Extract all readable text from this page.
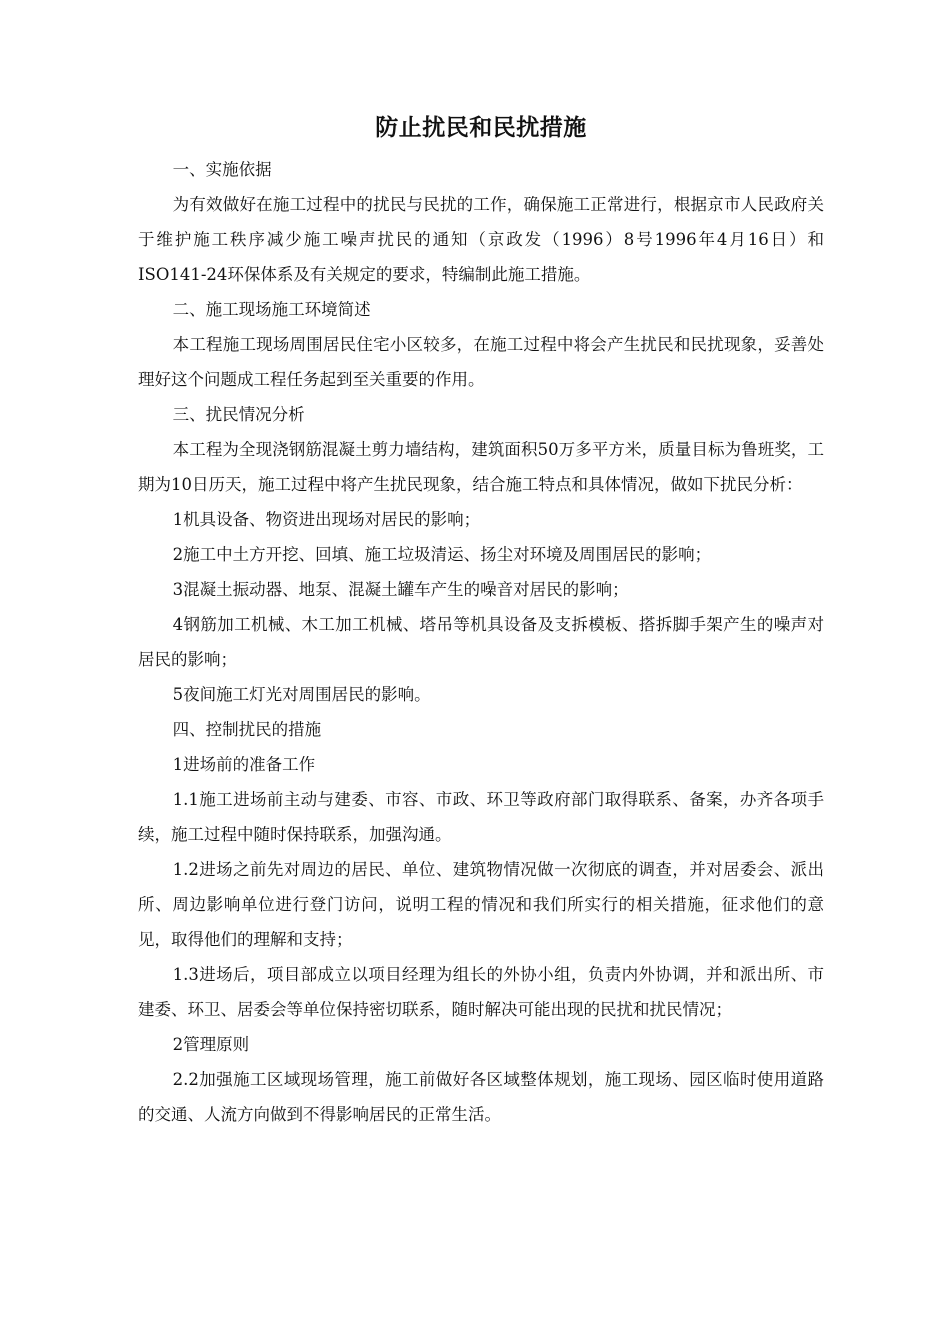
防止扰民和民扰措施

一、实施依据

为有效做好在施工过程中的扰民与民扰的工作，确保施工正常进行，根据京市人民政府关于维护施工秩序减少施工噪声扰民的通知（京政发（1996）8号1996年4月16日）和ISO141-24环保体系及有关规定的要求，特编制此施工措施。

二、施工现场施工环境简述

本工程施工现场周围居民住宅小区较多，在施工过程中将会产生扰民和民扰现象，妥善处理好这个问题成工程任务起到至关重要的作用。

三、扰民情况分析

本工程为全现浇钢筋混凝土剪力墙结构，建筑面积50万多平方米，质量目标为鲁班奖，工期为10日历天，施工过程中将产生扰民现象，结合施工特点和具体情况，做如下扰民分析：

1机具设备、物资进出现场对居民的影响；

2施工中土方开挖、回填、施工垃圾清运、扬尘对环境及周围居民的影响；

3混凝土振动器、地泵、混凝土罐车产生的噪音对居民的影响；

4钢筋加工机械、木工加工机械、塔吊等机具设备及支拆模板、搭拆脚手架产生的噪声对居民的影响；

5夜间施工灯光对周围居民的影响。

四、控制扰民的措施

1进场前的准备工作

1.1施工进场前主动与建委、市容、市政、环卫等政府部门取得联系、备案，办齐各项手续，施工过程中随时保持联系，加强沟通。

1.2进场之前先对周边的居民、单位、建筑物情况做一次彻底的调查，并对居委会、派出所、周边影响单位进行登门访问，说明工程的情况和我们所实行的相关措施，征求他们的意见，取得他们的理解和支持；

1.3进场后，项目部成立以项目经理为组长的外协小组，负责内外协调，并和派出所、市建委、环卫、居委会等单位保持密切联系，随时解决可能出现的民扰和扰民情况；

2管理原则

2.2加强施工区域现场管理，施工前做好各区域整体规划，施工现场、园区临时使用道路的交通、人流方向做到不得影响居民的正常生活。
